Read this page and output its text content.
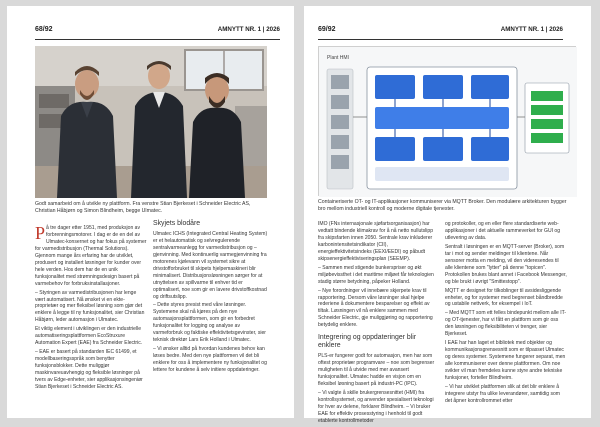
68/92	AMNYTT NR. 1 | 2026
Godt samarbeid om å utvikle ny plattform. Fra venstre Stian Bjerkeset i Schneider Electric AS, Christian Håbjørn og Simon Blindheim, begge Ulmatec.

På tre dager etter 1951, med produksjon av forbrenningsmotorer. I dag er de en del av Ulmatec-konsernet og har fokus på systemer for varmedistribusjon (Thermal Solutions). Gjennom mange års erfaring har de utviklet, produsert og installert løsninger for kunder over hele verden. Hos dem har de en unik funksjonalitet med strømningsdesign basert på varmebehov for forbruksinstallasjoner.

– Styringen av varmedistribusjonen har lenge vært automatisert. Nå ønsket vi en ekte-proprietær og mer fleksibel løsning som gjør det enklere å legge til ny funksjonalitet, sier Christian Håbjørn, leder automasjon i Ulmatec.

Et viktig element i utviklingen er den industrielle automatiseringsplattformen EcoStruxure Automation Expert (EAE) fra Schneider Electric.

– EAE er basert på standarden IEC 61499, et modellbaseringsspråk som benytter funksjonsblokker. Dette muliggjør maskinvareuavhengig og fleksible løsninger på tvers av Edge-enheter, sier applikasjonsingeniør Stian Bjerkeset i Schneider Electric AS.

Skyjets blodåre

Ulmatec ICHS (Integrated Central Heating System) er et helautomatisk og selvregulerende sentralvarmeanlegg for varmedistribusjon og –gjenvinning. Med kontinuerlig varmegjenvinning fra motorenes kjølevann vil systemet sikre at drivstofforbruket til skipets hjelpemaskineri blir minimalisert. Distribusjonsløsningen sørger for at utnyttelsen av spillvarme til enhver tid er optimalisert, noe som gir en lavere drivstoffkostnad og driftsutslipp.

– Dette styres presist med våre løsninger. Systemene skal nå kjøres på den nye automasjonsplattformen, som gir en forbedret funksjonalitet for logging og analyse av varmeforbruk og faktiske effektivitetsgevinster, sier teknisk direktør Lars Erik Holland i Ulmatec.

– Vi ønsker alltid på hvordan kundenes behov kan løses bedre. Med den nye plattformen vil det bli enklere for oss å implementere ny funksjonalitet og lettere for kundene å selv initiere oppdateringer.

69/92	AMNYTT NR. 1 | 2026
Plant HMI
Containeriserte OT- og IT-applikasjoner kommuniserer via MQTT Broker. Den modulære arkitekturen bygger bro mellom industriell kontroll og moderne digitale tjenester.

IMO (FNs internasjonale sjøfartsorganisasjon) har vedtatt bindende klimakrav for å nå netto nullutslipp fra skipsfarten innen 2050. Sentrale krav inkluderer karbonintensitetsindikator (CII), energieffektivitetsindeks (EEXI/EEDI) og påbudt skipsenergieffektiviseringsplan (SEEMP).

– Sammen med stigende bunkerspriser og økt miljøbevissthet i det maritime miljøet får teknologien stadig større betydning, påpeker Holland.

– Nye forordninger vil innebære skjerpete krav til rapportering. Dersom våre løsninger skal hjelpe rederiene å dokumentere besparelser og effekt av tiltak. Løsningen vil nå enklere sammen med Schneider Electric, gje muliggjøring og rapportering betydelig enklere.

Integrering og oppdateringer blir enklere

PLS-er fungerer godt for automasjon, men har som oftest proprietær programvare – noe som begrenser muligheten til å utvide med mer avansert funksjonalitet. Ulmatec hadde en visjon om en fleksibel løsning basert på industri-PC (IPC).

– Vi valgte å skille brukergrensesnittet (HMI) fra kontrollsystemet, og anvender spesialisert teknologi for hver av delene, forklarer Blindheim. – Vi bruker EAE for effektiv prosesstyring i henhold til godt etablerte kontrollmetoder

og protokoller, og en eller flere standardiserte web-applikasjoner i det aktuelle rammeverket for GUI og utlevering av data.

Sentralt i løsningen er en MQTT-server (Broker), som tar i mot og sender meldinger til klientene. Når sensorer motta en melding, vil den videresendes til alle klientene som "lytter" på denne "topicen". Protokollen brukes blant annet i Facebook Messenger, og ble brukt i øvrigt "Smittestopp".

MQTT er designet for tilkoblinger til avsidesliggende enheter, og for systemer med begrenset båndbredde og ustabile nettverk, for eksempel i IoT.

– Med MQTT som ett felles bindepunkt mellom alle IT- og OT-tjenester, har vi fått en plattform som gir oss den løsningen og fleksibiliteten vi trenger, sier Bjerkeset.

I EAE har han laget et bibliotek med objekter og kommunikasjonsgrensesnitt som er tilpasset Ulmatec og deres systemer. Systemene fungerer separat, men alle kommuniserer over denne plattformen. Om noe svikter vil man fremdeles kunne styre andre tekniske funksjoner, forteller Blindheim.

– Vi har utviklet plattformen slik at det blir enklere å integrere utstyr fra ulike leverandører, samtidig som det åpner kontrollrommet etter
